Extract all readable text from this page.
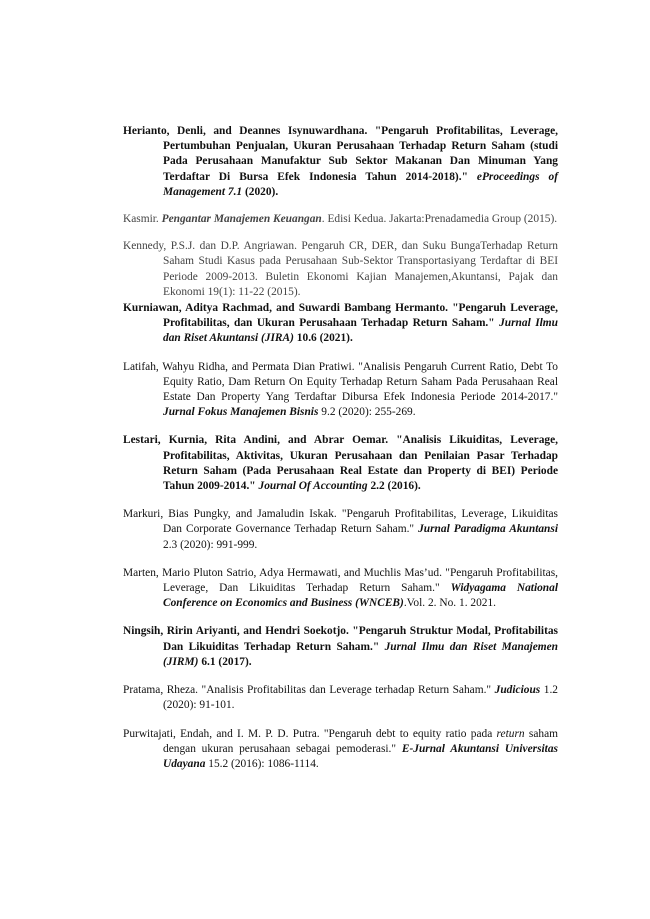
Herianto, Denli, and Deannes Isynuwardhana. "Pengaruh Profitabilitas, Leverage, Pertumbuhan Penjualan, Ukuran Perusahaan Terhadap Return Saham (studi Pada Perusahaan Manufaktur Sub Sektor Makanan Dan Minuman Yang Terdaftar Di Bursa Efek Indonesia Tahun 2014-2018)." eProceedings of Management 7.1 (2020).

Kasmir. Pengantar Manajemen Keuangan. Edisi Kedua. Jakarta:Prenadamedia Group (2015).

Kennedy, P.S.J. dan D.P. Angriawan. Pengaruh CR, DER, dan Suku BungaTerhadap Return Saham Studi Kasus pada Perusahaan Sub-Sektor Transportasiyang Terdaftar di BEI Periode 2009-2013. Buletin Ekonomi Kajian Manajemen,Akuntansi, Pajak dan Ekonomi 19(1): 11-22 (2015).

Kurniawan, Aditya Rachmad, and Suwardi Bambang Hermanto. "Pengaruh Leverage, Profitabilitas, dan Ukuran Perusahaan Terhadap Return Saham." Jurnal Ilmu dan Riset Akuntansi (JIRA) 10.6 (2021).

Latifah, Wahyu Ridha, and Permata Dian Pratiwi. "Analisis Pengaruh Current Ratio, Debt To Equity Ratio, Dam Return On Equity Terhadap Return Saham Pada Perusahaan Real Estate Dan Property Yang Terdaftar Dibursa Efek Indonesia Periode 2014-2017." Jurnal Fokus Manajemen Bisnis 9.2 (2020): 255-269.

Lestari, Kurnia, Rita Andini, and Abrar Oemar. "Analisis Likuiditas, Leverage, Profitabilitas, Aktivitas, Ukuran Perusahaan dan Penilaian Pasar Terhadap Return Saham (Pada Perusahaan Real Estate dan Property di BEI) Periode Tahun 2009-2014." Journal Of Accounting 2.2 (2016).

Markuri, Bias Pungky, and Jamaludin Iskak. "Pengaruh Profitabilitas, Leverage, Likuiditas Dan Corporate Governance Terhadap Return Saham." Jurnal Paradigma Akuntansi 2.3 (2020): 991-999.

Marten, Mario Pluton Satrio, Adya Hermawati, and Muchlis Mas’ud. "Pengaruh Profitabilitas, Leverage, Dan Likuiditas Terhadap Return Saham." Widyagama National Conference on Economics and Business (WNCEB).Vol. 2. No. 1. 2021.

Ningsih, Ririn Ariyanti, and Hendri Soekotjo. "Pengaruh Struktur Modal, Profitabilitas Dan Likuiditas Terhadap Return Saham." Jurnal Ilmu dan Riset Manajemen (JIRM) 6.1 (2017).

Pratama, Rheza. "Analisis Profitabilitas dan Leverage terhadap Return Saham." Judicious 1.2 (2020): 91-101.

Purwitajati, Endah, and I. M. P. D. Putra. "Pengaruh debt to equity ratio pada return saham dengan ukuran perusahaan sebagai pemoderasi." E-Jurnal Akuntansi Universitas Udayana 15.2 (2016): 1086-1114.
